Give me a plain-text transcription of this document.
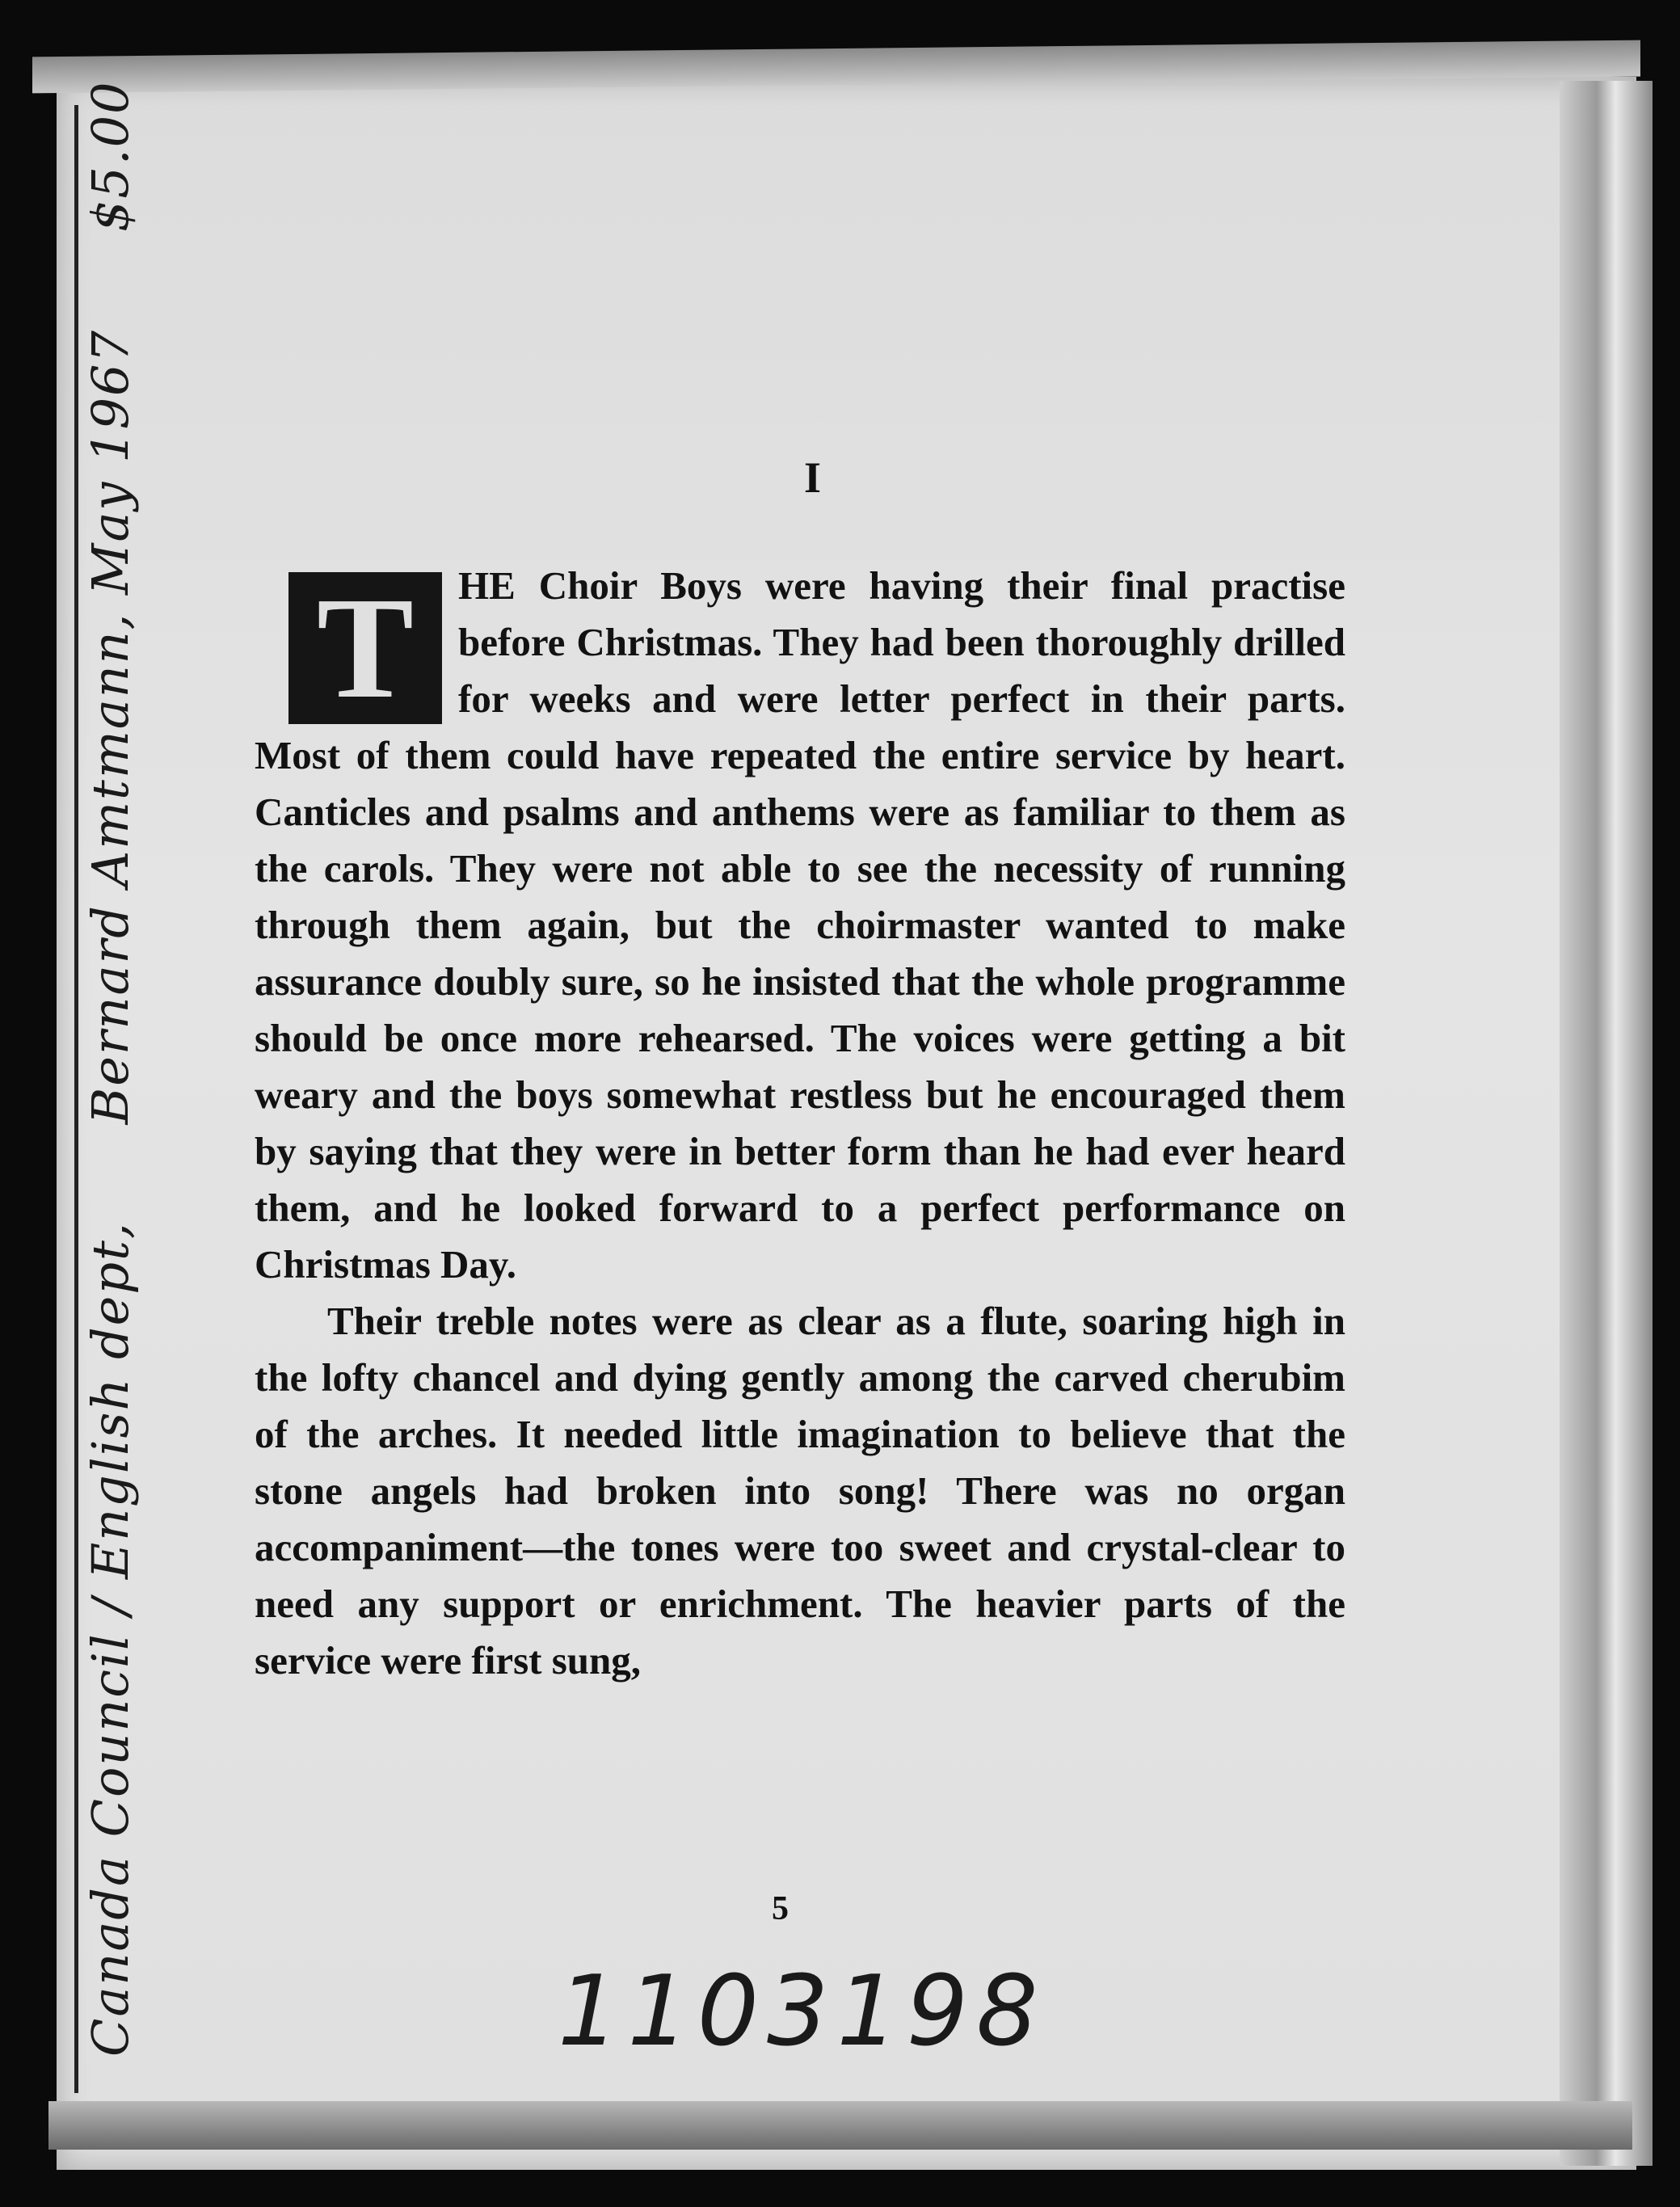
Canada Council / English dept,Bernard Amtmann, May 1967$5.00
I
T	HE Choir Boys were having their final practise before Christmas. They had been thoroughly drilled for weeks and were letter perfect in their parts. Most of them could have repeated the entire service by heart. Canticles and psalms and anthems were as familiar to them as the carols. They were not able to see the necessity of running through them again, but the choirmaster wanted to make assurance doubly sure, so he insisted that the whole programme should be once more rehearsed. The voices were getting a bit weary and the boys somewhat restless but he encouraged them by saying that they were in better form than he had ever heard them, and he looked forward to a perfect performance on Christmas Day.

Their treble notes were as clear as a flute, soaring high in the lofty chancel and dying gently among the carved cherubim of the arches. It needed little imagination to believe that the stone angels had broken into song! There was no organ accompaniment—the tones were too sweet and crystal-clear to need any support or enrichment. The heavier parts of the service were first sung,

5
1103198
